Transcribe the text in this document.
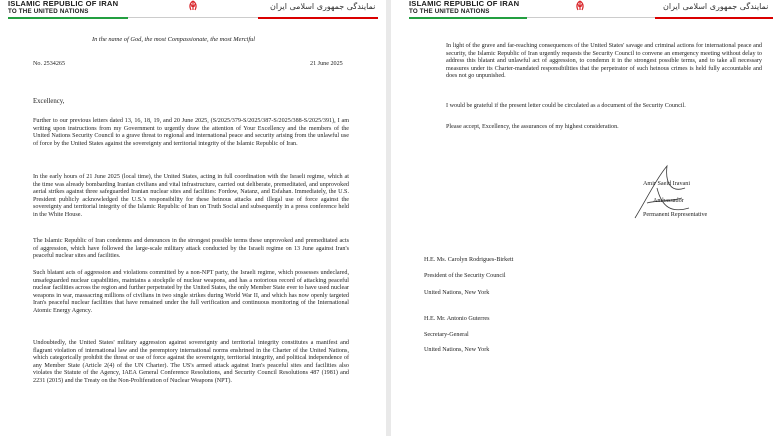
ISLAMIC REPUBLIC OF IRAN
TO THE UNITED NATIONS
نمایندگی جمهوری اسلامی ایران
In the name of God, the most Compassionate, the most Merciful
No. 2534265	21 June 2025
Excellency,
Further to our previous letters dated 13, 16, 18, 19, and 20 June 2025, (S/2025/379-S/2025/387-S/2025/388-S/2025/391), I am writing upon instructions from my Government to urgently draw the attention of Your Excellency and the members of the United Nations Security Council to a grave threat to regional and international peace and security arising from the unlawful use of force by the United States against the sovereignty and territorial integrity of the Islamic Republic of Iran.
In the early hours of 21 June 2025 (local time), the United States, acting in full coordination with the Israeli regime, which at the time was already bombarding Iranian civilians and vital infrastructure, carried out deliberate, premeditated, and unprovoked aerial strikes against three safeguarded Iranian nuclear sites and facilities: Fordow, Natanz, and Esfahan. Immediately, the U.S. President publicly acknowledged the U.S.'s responsibility for these heinous attacks and illegal use of force against the sovereignty and territorial integrity of the Islamic Republic of Iran on Truth Social and subsequently in a press conference held in the White House.
The Islamic Republic of Iran condemns and denounces in the strongest possible terms these unprovoked and premeditated acts of aggression, which have followed the large-scale military attack conducted by the Israeli regime on 13 June against Iran's peaceful nuclear sites and facilities.
Such blatant acts of aggression and violations committed by a non-NPT party, the Israeli regime, which possesses undeclared, unsafeguarded nuclear capabilities, maintains a stockpile of nuclear weapons, and has a notorious record of attacking peaceful nuclear facilities across the region and further perpetrated by the United States, the only Member State ever to have used nuclear weapons in war, massacring millions of civilians in two single strikes during World War II, and which has now openly targeted Iran's peaceful nuclear facilities that have remained under the full verification and continuous monitoring of the International Atomic Energy Agency.
Undoubtedly, the United States' military aggression against sovereignty and territorial integrity constitutes a manifest and flagrant violation of international law and the peremptory international norms enshrined in the Charter of the United Nations, which categorically prohibit the threat or use of force against the sovereignty, territorial integrity, and political independence of any Member State (Article 2(4) of the UN Charter). The US's armed attack against Iran's peaceful sites and facilities also violates the Statute of the Agency, IAEA General Conference Resolutions, and Security Council Resolutions 487 (1981) and 2231 (2015) and the Treaty on the Non-Proliferation of Nuclear Weapons (NPT).
ISLAMIC REPUBLIC OF IRAN
TO THE UNITED NATIONS
نمایندگی جمهوری اسلامی ایران
In light of the grave and far-reaching consequences of the United States' savage and criminal actions for international peace and security, the Islamic Republic of Iran urgently requests the Security Council to convene an emergency meeting without delay to address this blatant and unlawful act of aggression, to condemn it in the strongest possible terms, and to take all necessary measures under its Charter-mandated responsibilities that the perpetrator of such heinous crimes is held fully accountable and does not go unpunished.
I would be grateful if the present letter could be circulated as a document of the Security Council.
Please accept, Excellency, the assurances of my highest consideration.
Amir Saeid Iravani
Ambassador
Permanent Representative
H.E. Ms. Carolyn Rodrigues-Birkett
President of the Security Council
United Nations, New York
H.E. Mr. Antonio Guterres
Secretary-General
United Nations, New York
